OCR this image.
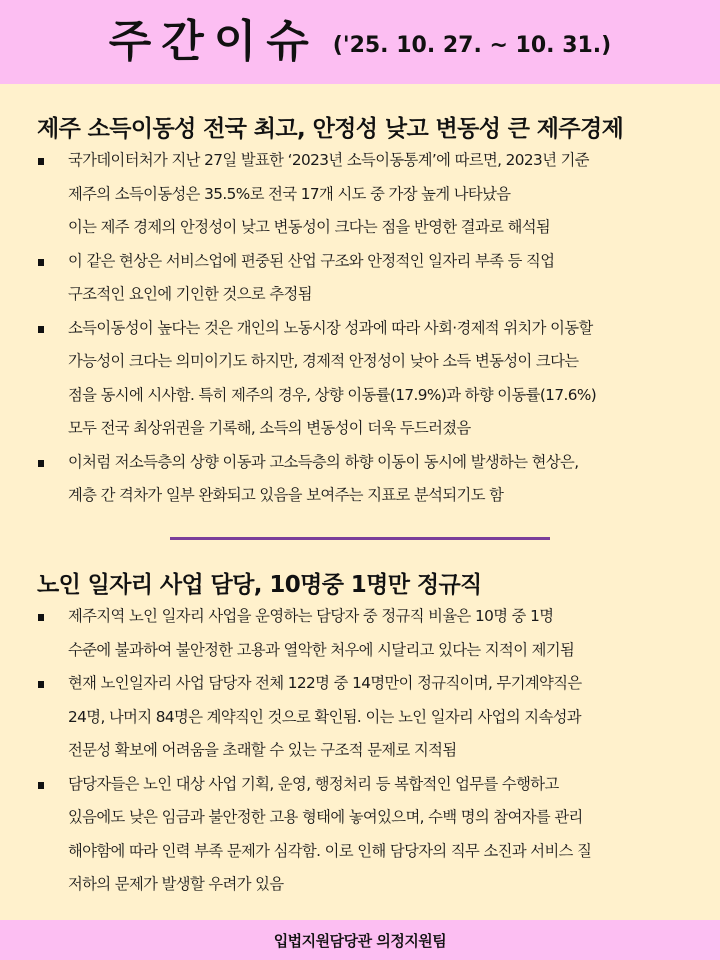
주간이슈 ('25. 10. 27. ~ 10. 31.)
제주 소득이동성 전국 최고, 안정성 낮고 변동성 큰 제주경제
국가데이터처가 지난 27일 발표한 ‘2023년 소득이동통계’에 따르면, 2023년 기준
제주의 소득이동성은 35.5%로 전국 17개 시도 중 가장 높게 나타났음
이는 제주 경제의 안정성이 낮고 변동성이 크다는 점을 반영한 결과로 해석됨
이 같은 현상은 서비스업에 편중된 산업 구조와 안정적인 일자리 부족 등 직업
구조적인 요인에 기인한 것으로 추정됨
소득이동성이 높다는 것은 개인의 노동시장 성과에 따라 사회·경제적 위치가 이동할
가능성이 크다는 의미이기도 하지만, 경제적 안정성이 낮아 소득 변동성이 크다는
점을 동시에 시사함. 특히 제주의 경우, 상향 이동률(17.9%)과 하향 이동률(17.6%)
모두 전국 최상위권을 기록해, 소득의 변동성이 더욱 두드러졌음
이처럼 저소득층의 상향 이동과 고소득층의 하향 이동이 동시에 발생하는 현상은,
계층 간 격차가 일부 완화되고 있음을 보여주는 지표로 분석되기도 함
노인 일자리 사업 담당, 10명중 1명만 정규직
제주지역 노인 일자리 사업을 운영하는 담당자 중 정규직 비율은 10명 중 1명
수준에 불과하여 불안정한 고용과 열악한 처우에 시달리고 있다는 지적이 제기됨
현재 노인일자리 사업 담당자 전체 122명 중 14명만이 정규직이며, 무기계약직은
24명, 나머지 84명은 계약직인 것으로 확인됨. 이는 노인 일자리 사업의 지속성과
전문성 확보에 어려움을 초래할 수 있는 구조적 문제로 지적됨
담당자들은 노인 대상 사업 기획, 운영, 행정처리 등 복합적인 업무를 수행하고
있음에도 낮은 임금과 불안정한 고용 형태에 놓여있으며, 수백 명의 참여자를 관리
해야함에 따라 인력 부족 문제가 심각함. 이로 인해 담당자의 직무 소진과 서비스 질
저하의 문제가 발생할 우려가 있음
입법지원담당관 의정지원팀
